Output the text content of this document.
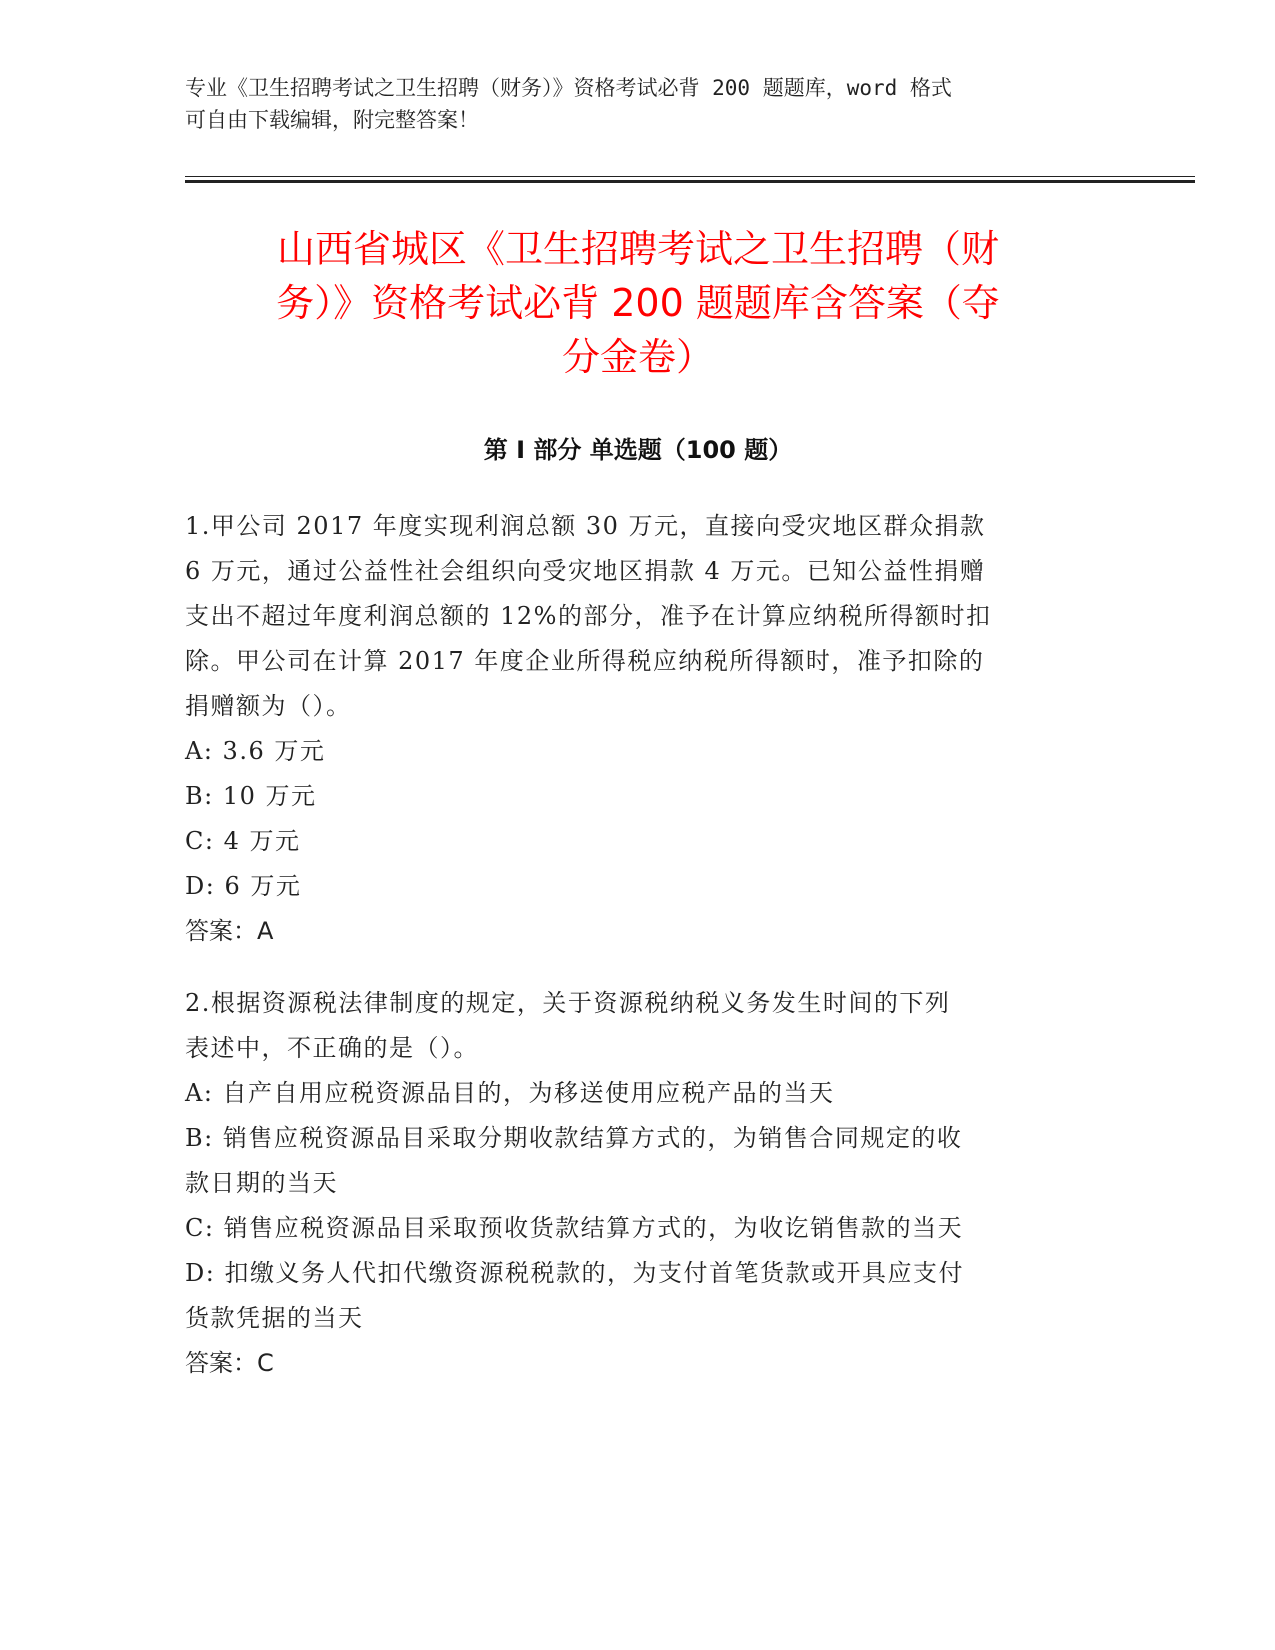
专业《卫生招聘考试之卫生招聘（财务）》资格考试必背 200 题题库，word 格式
可自由下载编辑，附完整答案！
山西省城区《卫生招聘考试之卫生招聘（财
务）》资格考试必背 200 题题库含答案（夺
分金卷）
第 I 部分 单选题（100 题）
1.甲公司 2017 年度实现利润总额 30 万元，直接向受灾地区群众捐款
6 万元，通过公益性社会组织向受灾地区捐款 4 万元。已知公益性捐赠
支出不超过年度利润总额的 12%的部分，准予在计算应纳税所得额时扣
除。甲公司在计算 2017 年度企业所得税应纳税所得额时，准予扣除的
捐赠额为（）。
A: 3.6 万元
B: 10 万元
C: 4 万元
D: 6 万元
答案：A
2.根据资源税法律制度的规定，关于资源税纳税义务发生时间的下列
表述中，不正确的是（）。
A: 自产自用应税资源品目的，为移送使用应税产品的当天
B: 销售应税资源品目采取分期收款结算方式的，为销售合同规定的收
款日期的当天
C: 销售应税资源品目采取预收货款结算方式的，为收讫销售款的当天
D: 扣缴义务人代扣代缴资源税税款的，为支付首笔货款或开具应支付
货款凭据的当天
答案：C
